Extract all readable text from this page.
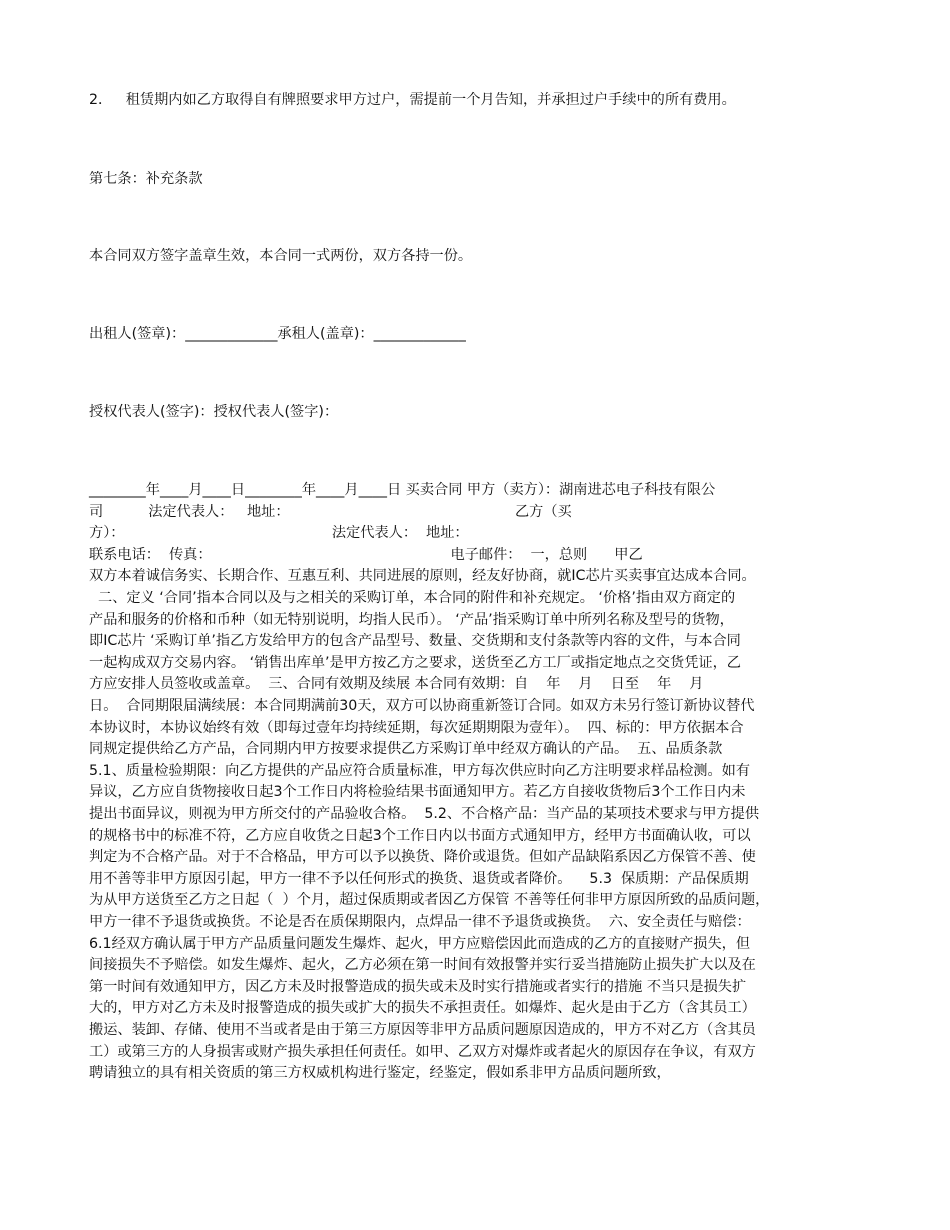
2．   租赁期内如乙方取得自有牌照要求甲方过户，需提前一个月告知，并承担过户手续中的所有费用。
第七条：补充条款
本合同双方签字盖章生效，本合同一式两份，双方各持一份。
出租人(签章)：_____________承租人(盖章)：_____________
授权代表人(签字)：授权代表人(签字)：
________年____月____日________年____月____日 买卖合同 甲方（卖方）：湖南进芯电子科技有限公
司          法定代表人：   地址：                                                  乙方（买
方）：                                              法定代表人：  地址：
联系电话：  传真：                                                     电子邮件：  一，总则      甲乙
双方本着诚信务实、长期合作、互惠互利、共同进展的原则，经友好协商，就IC芯片买卖事宜达成本合同。
二、定义 ‘合同’指本合同以及与之相关的采购订单，本合同的附件和补充规定。 ‘价格’指由双方商定的
产品和服务的价格和币种（如无特别说明，均指人民币）。 ‘产品’指采购订单中所列名称及型号的货物，
即IC芯片 ‘采购订单’指乙方发给甲方的包含产品型号、数量、交货期和支付条款等内容的文件，与本合同
一起构成双方交易内容。 ‘销售出库单’是甲方按乙方之要求，送货至乙方工厂或指定地点之交货凭证，乙
方应安排人员签收或盖章。  三、合同有效期及续展 本合同有效期：自    年    月    日至    年    月
日。  合同期限届满续展：本合同期满前30天，双方可以协商重新签订合同。如双方未另行签订新协议替代
本协议时，本协议始终有效（即每过壹年均持续延期，每次延期期限为壹年）。  四、标的：甲方依据本合
同规定提供给乙方产品，合同期内甲方按要求提供乙方采购订单中经双方确认的产品。  五、品质条款
5.1、质量检验期限：向乙方提供的产品应符合质量标准，甲方每次供应时向乙方注明要求样品检测。如有
异议，乙方应自货物接收日起3个工作日内将检验结果书面通知甲方。若乙方自接收货物后3个工作日内未
提出书面异议，则视为甲方所交付的产品验收合格。  5.2、不合格产品：当产品的某项技术要求与甲方提供
的规格书中的标准不符，乙方应自收货之日起3个工作日内以书面方式通知甲方，经甲方书面确认收，可以
判定为不合格产品。对于不合格品，甲方可以予以换货、降价或退货。但如产品缺陷系因乙方保管不善、使
用不善等非甲方原因引起，甲方一律不予以任何形式的换货、退货或者降价。    5.3  保质期：产品保质期
为从甲方送货至乙方之日起（  ）个月，超过保质期或者因乙方保管 不善等任何非甲方原因所致的品质问题，
甲方一律不予退货或换货。不论是否在质保期限内，点焊品一律不予退货或换货。  六、安全责任与赔偿：
6.1经双方确认属于甲方产品质量问题发生爆炸、起火，甲方应赔偿因此而造成的乙方的直接财产损失，但
间接损失不予赔偿。如发生爆炸、起火，乙方必须在第一时间有效报警并实行妥当措施防止损失扩大以及在
第一时间有效通知甲方，因乙方未及时报警造成的损失或未及时实行措施或者实行的措施 不当只是损失扩
大的，甲方对乙方未及时报警造成的损失或扩大的损失不承担责任。如爆炸、起火是由于乙方（含其员工）
搬运、装卸、存储、使用不当或者是由于第三方原因等非甲方品质问题原因造成的，甲方不对乙方（含其员
工）或第三方的人身损害或财产损失承担任何责任。如甲、乙双方对爆炸或者起火的原因存在争议，有双方
聘请独立的具有相关资质的第三方权威机构进行鉴定，经鉴定，假如系非甲方品质问题所致，
